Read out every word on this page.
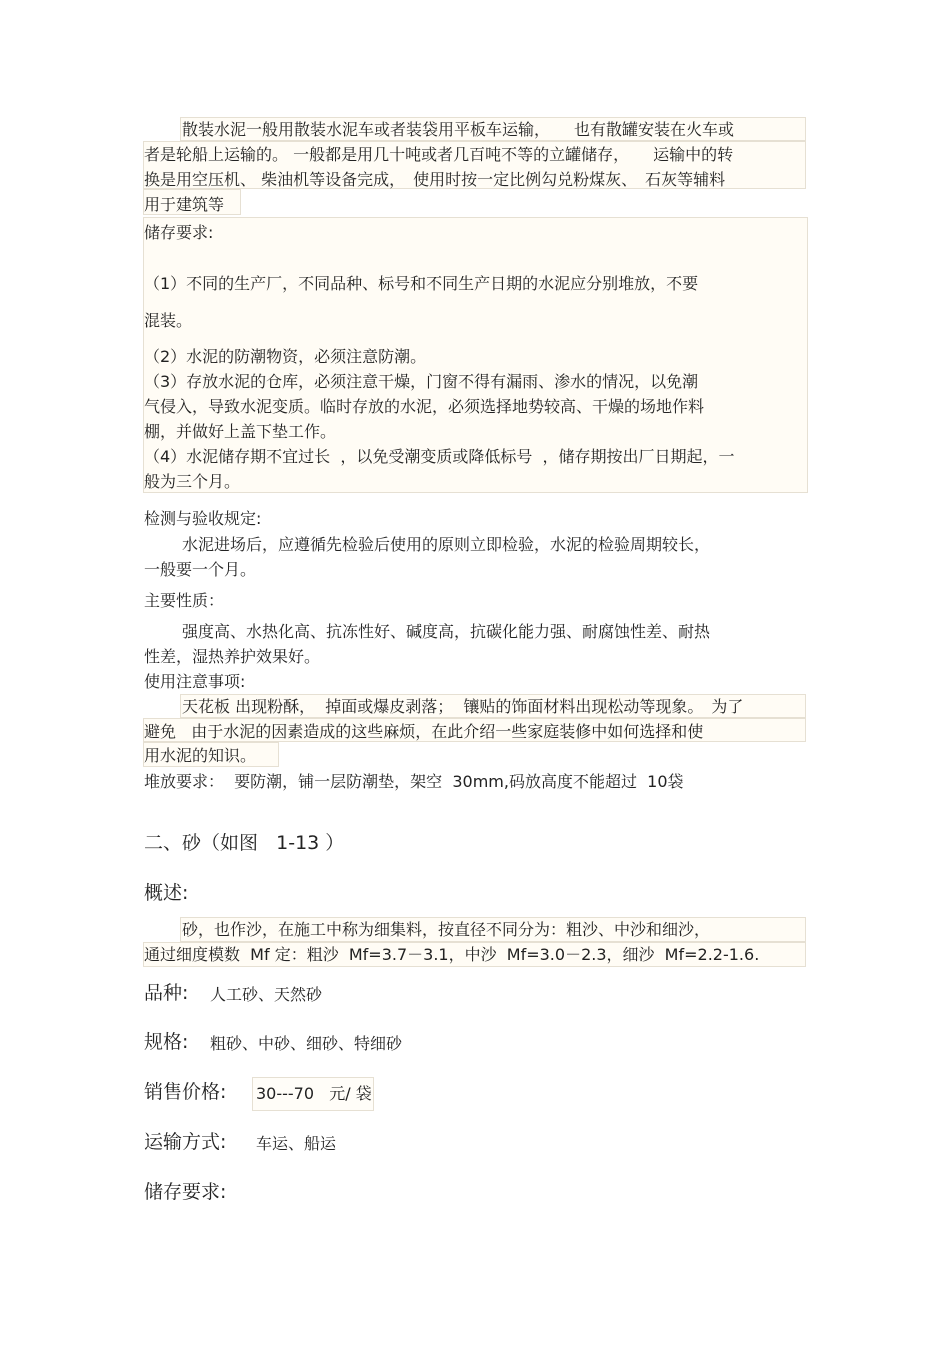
散装水泥一般用散装水泥车或者装袋用平板车运输，　　也有散罐安装在火车或
者是轮船上运输的。 一般都是用几十吨或者几百吨不等的立罐储存，　　运输中的转
换是用空压机、 柴油机等设备完成，　使用时按一定比例勾兑粉煤灰、　石灰等辅料
用于建筑等
储存要求:
（1）不同的生产厂，不同品种、标号和不同生产日期的水泥应分别堆放，不要
混装。
（2）水泥的防潮物资，必须注意防潮。
（3）存放水泥的仓库，必须注意干燥，门窗不得有漏雨、渗水的情况，以免潮
气侵入，导致水泥变质。临时存放的水泥，必须选择地势较高、干燥的场地作料
棚，并做好上盖下垫工作。
（4）水泥储存期不宜过长  ，以免受潮变质或降低标号  ，储存期按出厂日期起，一
般为三个月。
检测与验收规定:
水泥进场后，应遵循先检验后使用的原则立即检验，水泥的检验周期较长，
一般要一个月。
主要性质：
强度高、水热化高、抗冻性好、碱度高，抗碳化能力强、耐腐蚀性差、耐热
性差，湿热养护效果好。
使用注意事项:
天花板 出现粉酥，  掉面或爆皮剥落；  镶贴的饰面材料出现松动等现象。　为了
避免   由于水泥的因素造成的这些麻烦，在此介绍一些家庭装修中如何选择和使
用水泥的知识。
堆放要求：  要防潮，铺一层防潮垫，架空  30mm,码放高度不能超过  10袋
二、砂（如图   1-13 ）
概述:
砂，也作沙，在施工中称为细集料，按直径不同分为：粗沙、中沙和细沙，
通过细度模数  Mf 定：粗沙  Mf=3.7－3.1，中沙  Mf=3.0－2.3，细沙  Mf=2.2-1.6.
品种: 人工砂、天然砂
规格: 粗砂、中砂、细砂、特细砂
销售价格: 30---70   元/ 袋
运输方式: 车运、船运
储存要求:
